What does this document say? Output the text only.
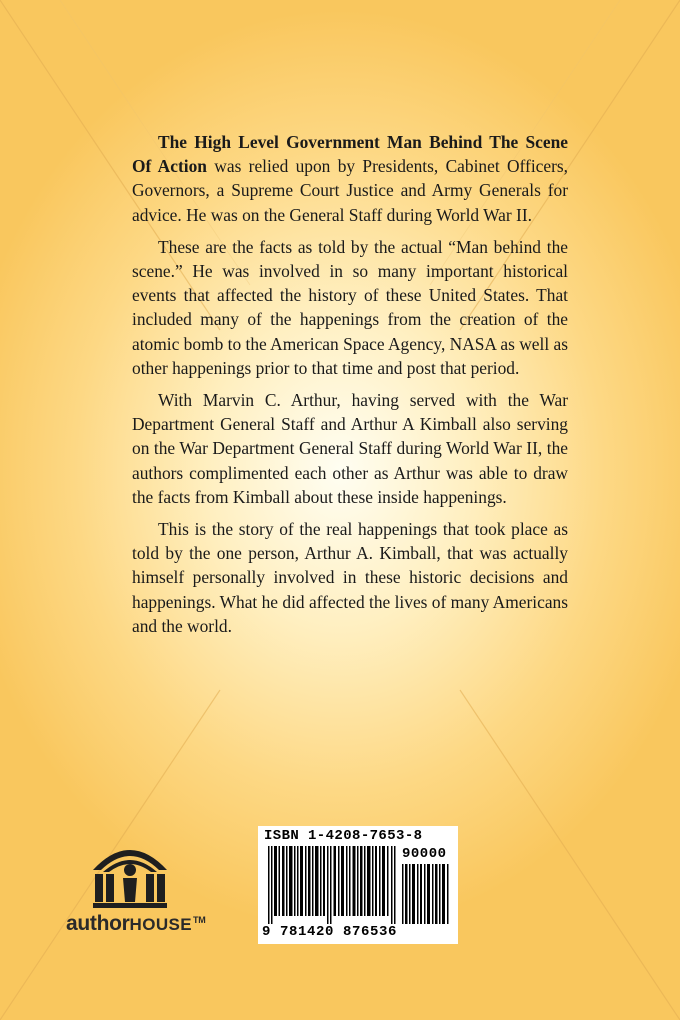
The High Level Government Man Behind The Scene Of Action was relied upon by Presidents, Cabinet Officers, Governors, a Supreme Court Justice and Army Generals for advice. He was on the General Staff during World War II.

These are the facts as told by the actual “Man behind the scene.” He was involved in so many important historical events that affected the history of these United States. That included many of the happenings from the creation of the atomic bomb to the American Space Agency, NASA as well as other happenings prior to that time and post that period.

With Marvin C. Arthur, having served with the War Department General Staff and Arthur A Kimball also serving on the War Department General Staff during World War II, the authors complimented each other as Arthur was able to draw the facts from Kimball about these inside happenings.

This is the story of the real happenings that took place as told by the one person, Arthur A. Kimball, that was actually himself personally involved in these historic decisions and happenings. What he did affected the lives of many Americans and the world.

authorHOUSE™
ISBN 1-4208-7653-8
90000
9 781420 876536
